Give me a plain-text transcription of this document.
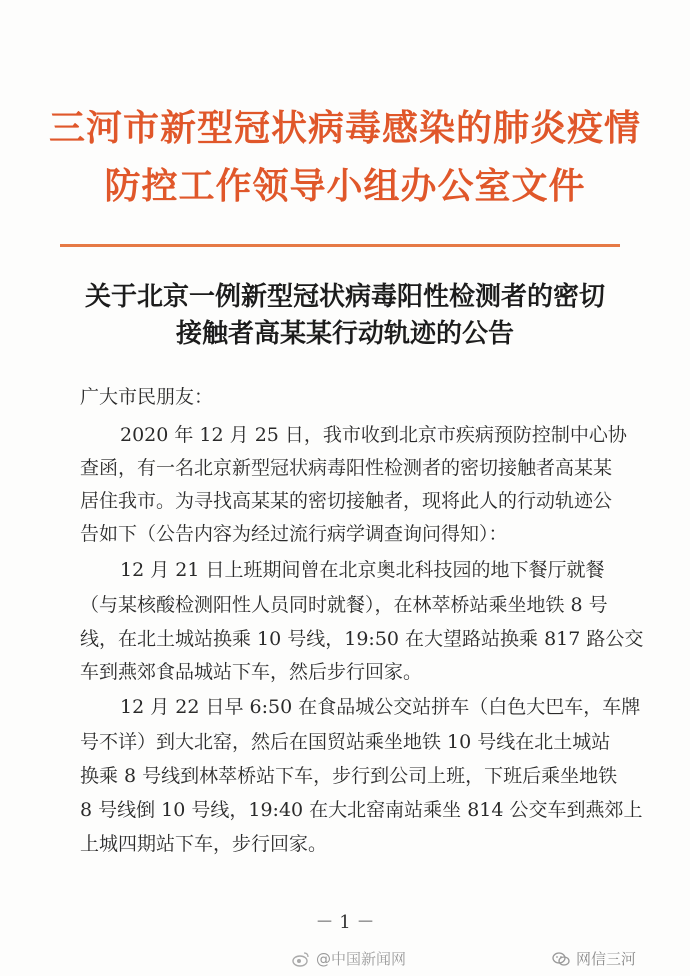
三河市新型冠状病毒感染的肺炎疫情
防控工作领导小组办公室文件
关于北京一例新型冠状病毒阳性检测者的密切
接触者高某某行动轨迹的公告
广大市民朋友：
2020 年 12 月 25 日，我市收到北京市疾病预防控制中心协
查函，有一名北京新型冠状病毒阳性检测者的密切接触者高某某
居住我市。为寻找高某某的密切接触者，现将此人的行动轨迹公
告如下（公告内容为经过流行病学调查询问得知）：
12 月 21 日上班期间曾在北京奥北科技园的地下餐厅就餐
（与某核酸检测阳性人员同时就餐），在林萃桥站乘坐地铁 8 号
线，在北土城站换乘 10 号线，19:50 在大望路站换乘 817 路公交
车到燕郊食品城站下车，然后步行回家。
12 月 22 日早 6:50 在食品城公交站拼车（白色大巴车，车牌
号不详）到大北窑，然后在国贸站乘坐地铁 10 号线在北土城站
换乘 8 号线到林萃桥站下车，步行到公司上班，下班后乘坐地铁
8 号线倒 10 号线，19:40 在大北窑南站乘坐 814 公交车到燕郊上
上城四期站下车，步行回家。
－ 1 －
@中国新闻网	网信三河
